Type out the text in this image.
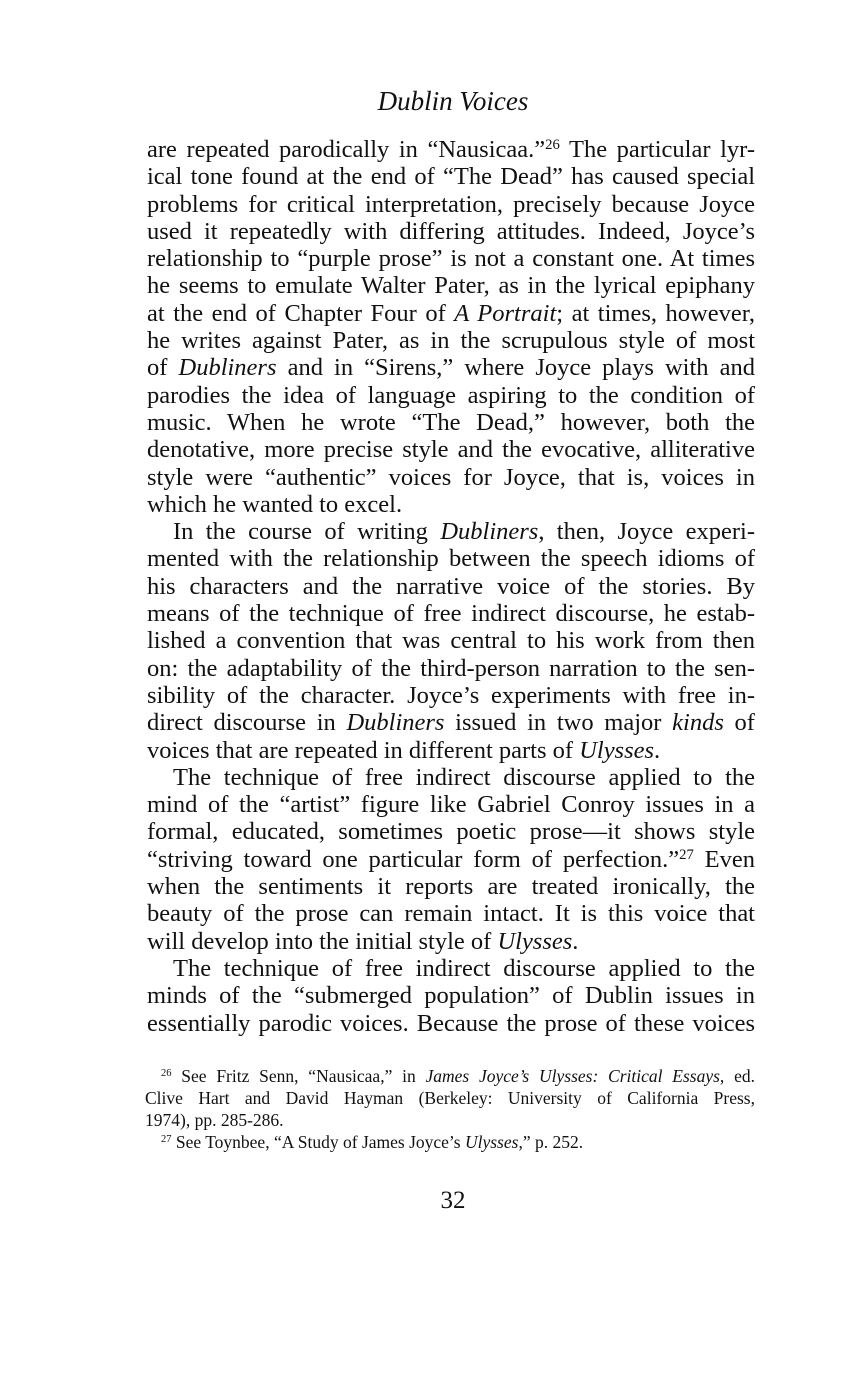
Dublin Voices
are repeated parodically in “Nausicaa.”$^{26}$ The particular lyr-
ical tone found at the end of “The Dead” has caused special
problems for critical interpretation, precisely because Joyce
used it repeatedly with differing attitudes. Indeed, Joyce’s
relationship to “purple prose” is not a constant one. At times
he seems to emulate Walter Pater, as in the lyrical epiphany
at the end of Chapter Four of A Portrait; at times, however,
he writes against Pater, as in the scrupulous style of most
of Dubliners and in “Sirens,” where Joyce plays with and
parodies the idea of language aspiring to the condition of
music. When he wrote “The Dead,” however, both the
denotative, more precise style and the evocative, alliterative
style were “authentic” voices for Joyce, that is, voices in
which he wanted to excel.
In the course of writing Dubliners, then, Joyce experi-
mented with the relationship between the speech idioms of
his characters and the narrative voice of the stories. By
means of the technique of free indirect discourse, he estab-
lished a convention that was central to his work from then
on: the adaptability of the third-person narration to the sen-
sibility of the character. Joyce’s experiments with free in-
direct discourse in Dubliners issued in two major kinds of
voices that are repeated in different parts of Ulysses.
The technique of free indirect discourse applied to the
mind of the “artist” figure like Gabriel Conroy issues in a
formal, educated, sometimes poetic prose—it shows style
“striving toward one particular form of perfection.”$^{27}$ Even
when the sentiments it reports are treated ironically, the
beauty of the prose can remain intact. It is this voice that
will develop into the initial style of Ulysses.
The technique of free indirect discourse applied to the
minds of the “submerged population” of Dublin issues in
essentially parodic voices. Because the prose of these voices
$^{26}$ See Fritz Senn, “Nausicaa,” in James Joyce’s Ulysses: Critical Essays, ed.
Clive Hart and David Hayman (Berkeley: University of California Press,
1974), pp. 285-286.
$^{27}$ See Toynbee, “A Study of James Joyce’s Ulysses,” p. 252.
32
